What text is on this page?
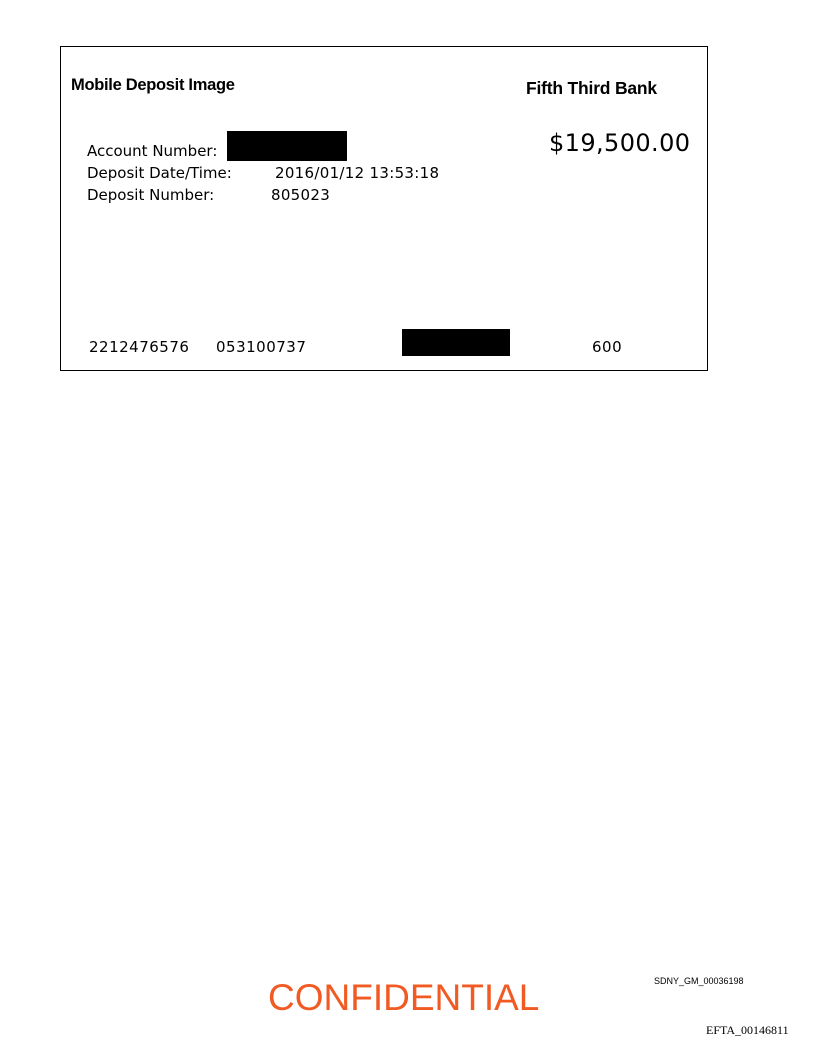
Mobile Deposit Image	Fifth Third Bank
$19,500.00
Account Number:
Deposit Date/Time:	2016/01/12 13:53:18
Deposit Number:	805023
2212476576 053100737	600
CONFIDENTIAL	SDNY_GM_00036198
EFTA_00146811
